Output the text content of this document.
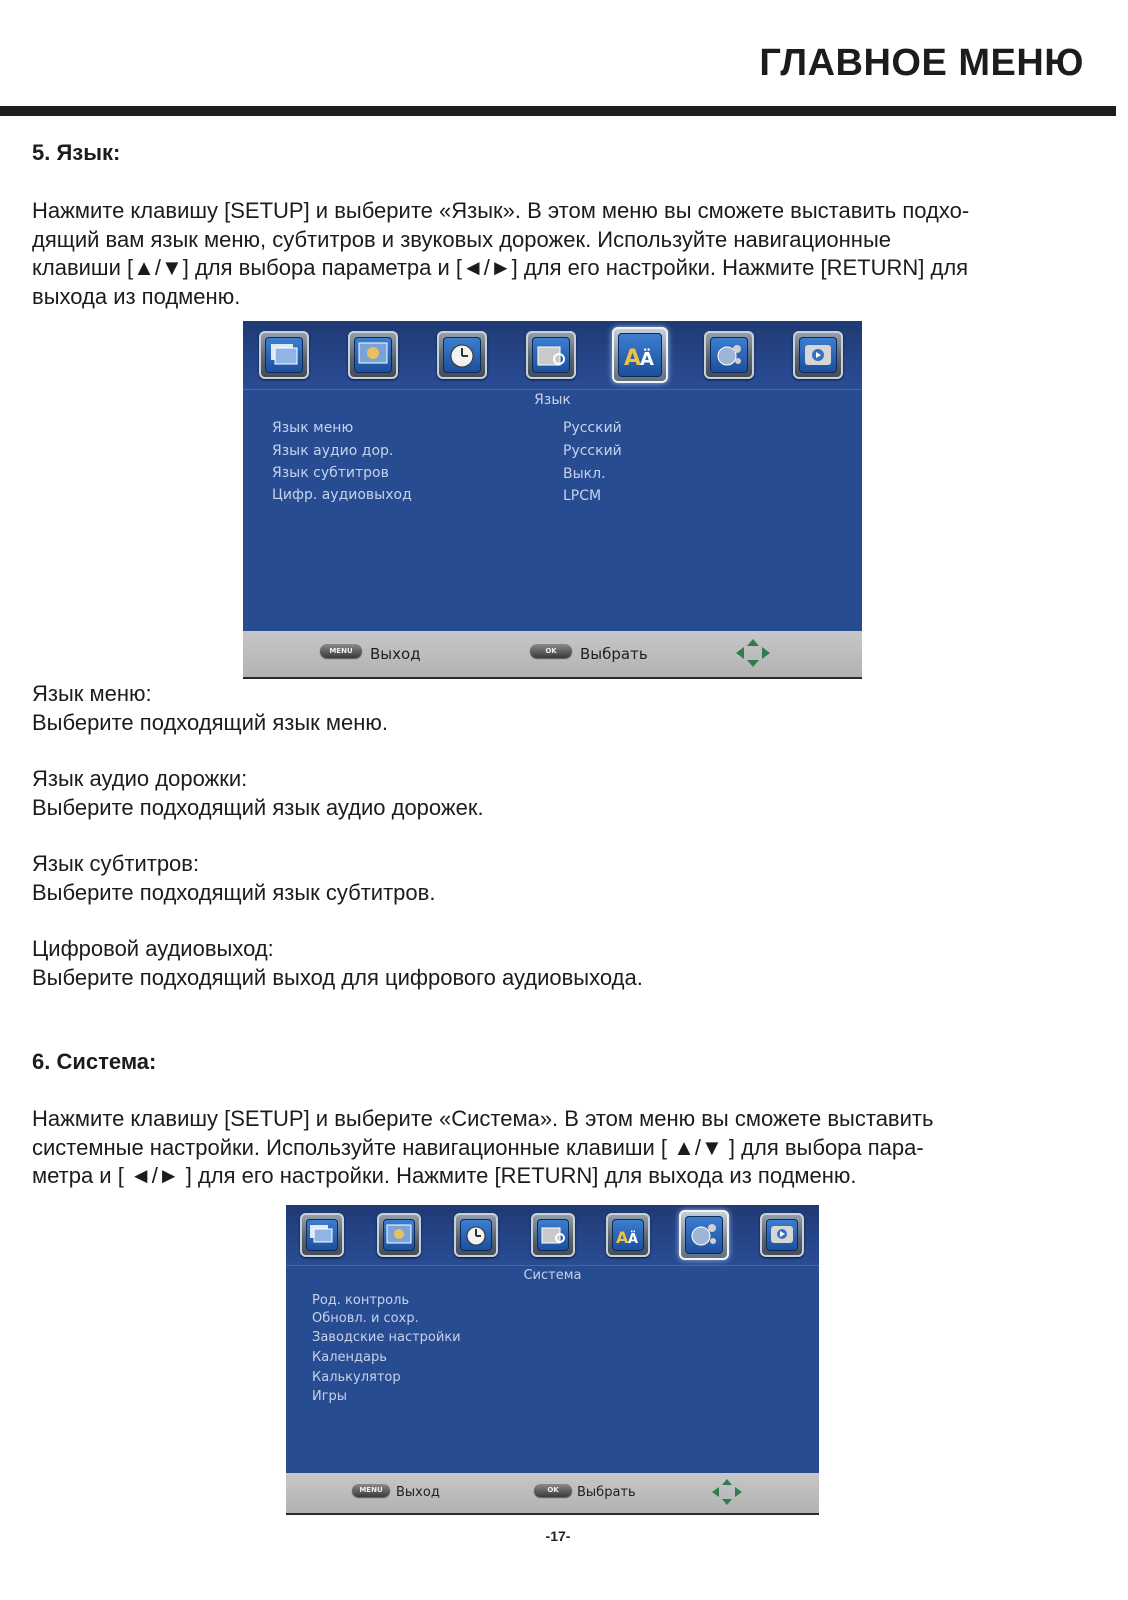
ГЛАВНОЕ МЕНЮ
5. Язык:

Нажмите клавишу [SETUP] и выберите «Язык». В этом меню вы сможете выставить подхо-

дящий вам язык меню, субтитров и звуковых дорожек. Используйте навигационные

клавиши [▲/▼] для выбора параметра и [◄/►] для его настройки. Нажмите [RETURN] для

выхода из подменю.

A
Ä
Язык
Язык меню	Русский
Язык аудио дор.	Русский
Язык субтитров	Выкл.
Цифр. аудиовыход	LPCM
MENU	Выход	OK	Выбрать

Язык меню:

Выберите подходящий язык меню.

Язык аудио дорожки:

Выберите подходящий язык аудио дорожек.

Язык субтитров:

Выберите подходящий язык субтитров.

Цифровой аудиовыход:

Выберите подходящий выход для цифрового аудиовыхода.

6. Система:

Нажмите клавишу [SETUP] и выберите «Система». В этом меню вы сможете выставить

системные настройки. Используйте навигационные клавиши [ ▲/▼ ] для выбора пара-

метра и [ ◄/► ] для его настройки. Нажмите [RETURN] для выхода из подменю.

A Ä
Система
Род. контроль
Обновл. и сохр.
Заводские настройки
Календарь
Калькулятор
Игры
MENU	Выход	OK	Выбрать
-17-
